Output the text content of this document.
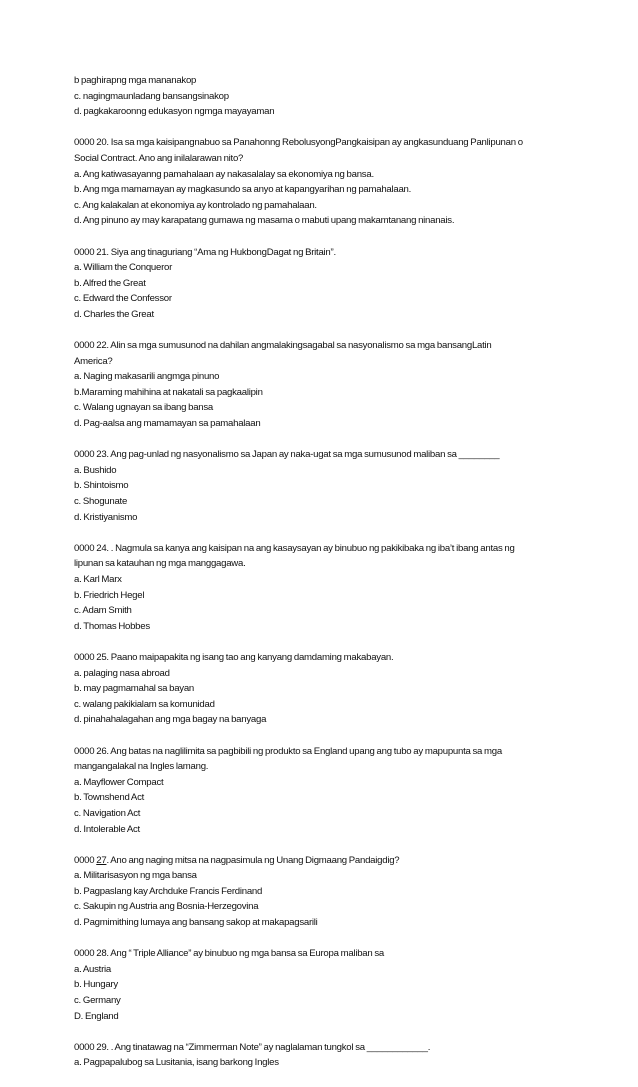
b paghirapng mga mananakop
c. nagingmaunladang bansangsinakop
d. pagkakaroonng edukasyon ngmga mayayaman
0000 20. Isa sa mga kaisipangnabuo sa Panahonng RebolusyongPangkaisipan ay angkasunduang Panlipunan o
Social Contract. Ano ang inilalarawan nito?
a. Ang katiwasayanng pamahalaan ay nakasalalay sa ekonomiya ng bansa.
b. Ang mga mamamayan ay magkasundo sa anyo at kapangyarihan ng pamahalaan.
c. Ang kalakalan at ekonomiya ay kontrolado ng pamahalaan.
d. Ang pinuno ay may karapatang gumawa ng masama o mabuti upang makamtanang ninanais.
0000 21. Siya ang tinaguriang “Ama ng HukbongDagat ng Britain”.
a. William the Conqueror
b. Alfred the Great
c. Edward the Confessor
d. Charles the Great
0000 22. Alin sa mga sumusunod na dahilan angmalakingsagabal sa nasyonalismo sa mga bansangLatin
America?
a. Naging makasarili angmga pinuno
b.Maraming mahihina at nakatali sa pagkaalipin
c. Walang ugnayan sa ibang bansa
d. Pag-aalsa ang mamamayan sa pamahalaan
0000 23. Ang pag-unlad ng nasyonalismo sa Japan ay naka-ugat sa mga sumusunod maliban sa ________
a. Bushido
b. Shintoismo
c. Shogunate
d. Kristiyanismo
0000 24. . Nagmula sa kanya ang kaisipan na ang kasaysayan ay binubuo ng pakikibaka ng iba’t ibang antas ng
lipunan sa katauhan ng mga manggagawa.
a. Karl Marx
b. Friedrich Hegel
c. Adam Smith
d. Thomas Hobbes
0000 25. Paano maipapakita ng isang tao ang kanyang damdaming makabayan.
a. palaging nasa abroad
b. may pagmamahal sa bayan
c. walang pakikialam sa komunidad
d. pinahahalagahan ang mga bagay na banyaga
0000 26. Ang batas na naglilimita sa pagbibili ng produkto sa England upang ang tubo ay mapupunta sa mga
mangangalakal na Ingles lamang.
a. Mayflower Compact
b. Townshend Act
c. Navigation Act
d. Intolerable Act
0000 27. Ano ang naging mitsa na nagpasimula ng Unang Digmaang Pandaigdig?
a. Militarisasyon ng mga bansa
b. Pagpaslang kay Archduke Francis Ferdinand
c. Sakupin ng Austria ang Bosnia-Herzegovina
d. Pagmimithing lumaya ang bansang sakop at makapagsarili
0000 28. Ang “ Triple Alliance” ay binubuo ng mga bansa sa Europa maliban sa
a. Austria
b. Hungary
c. Germany
D. England
0000 29. . Ang tinatawag na “Zimmerman Note” ay naglalaman tungkol sa ____________.
a. Pagpapalubog sa Lusitania, isang barkong Ingles
